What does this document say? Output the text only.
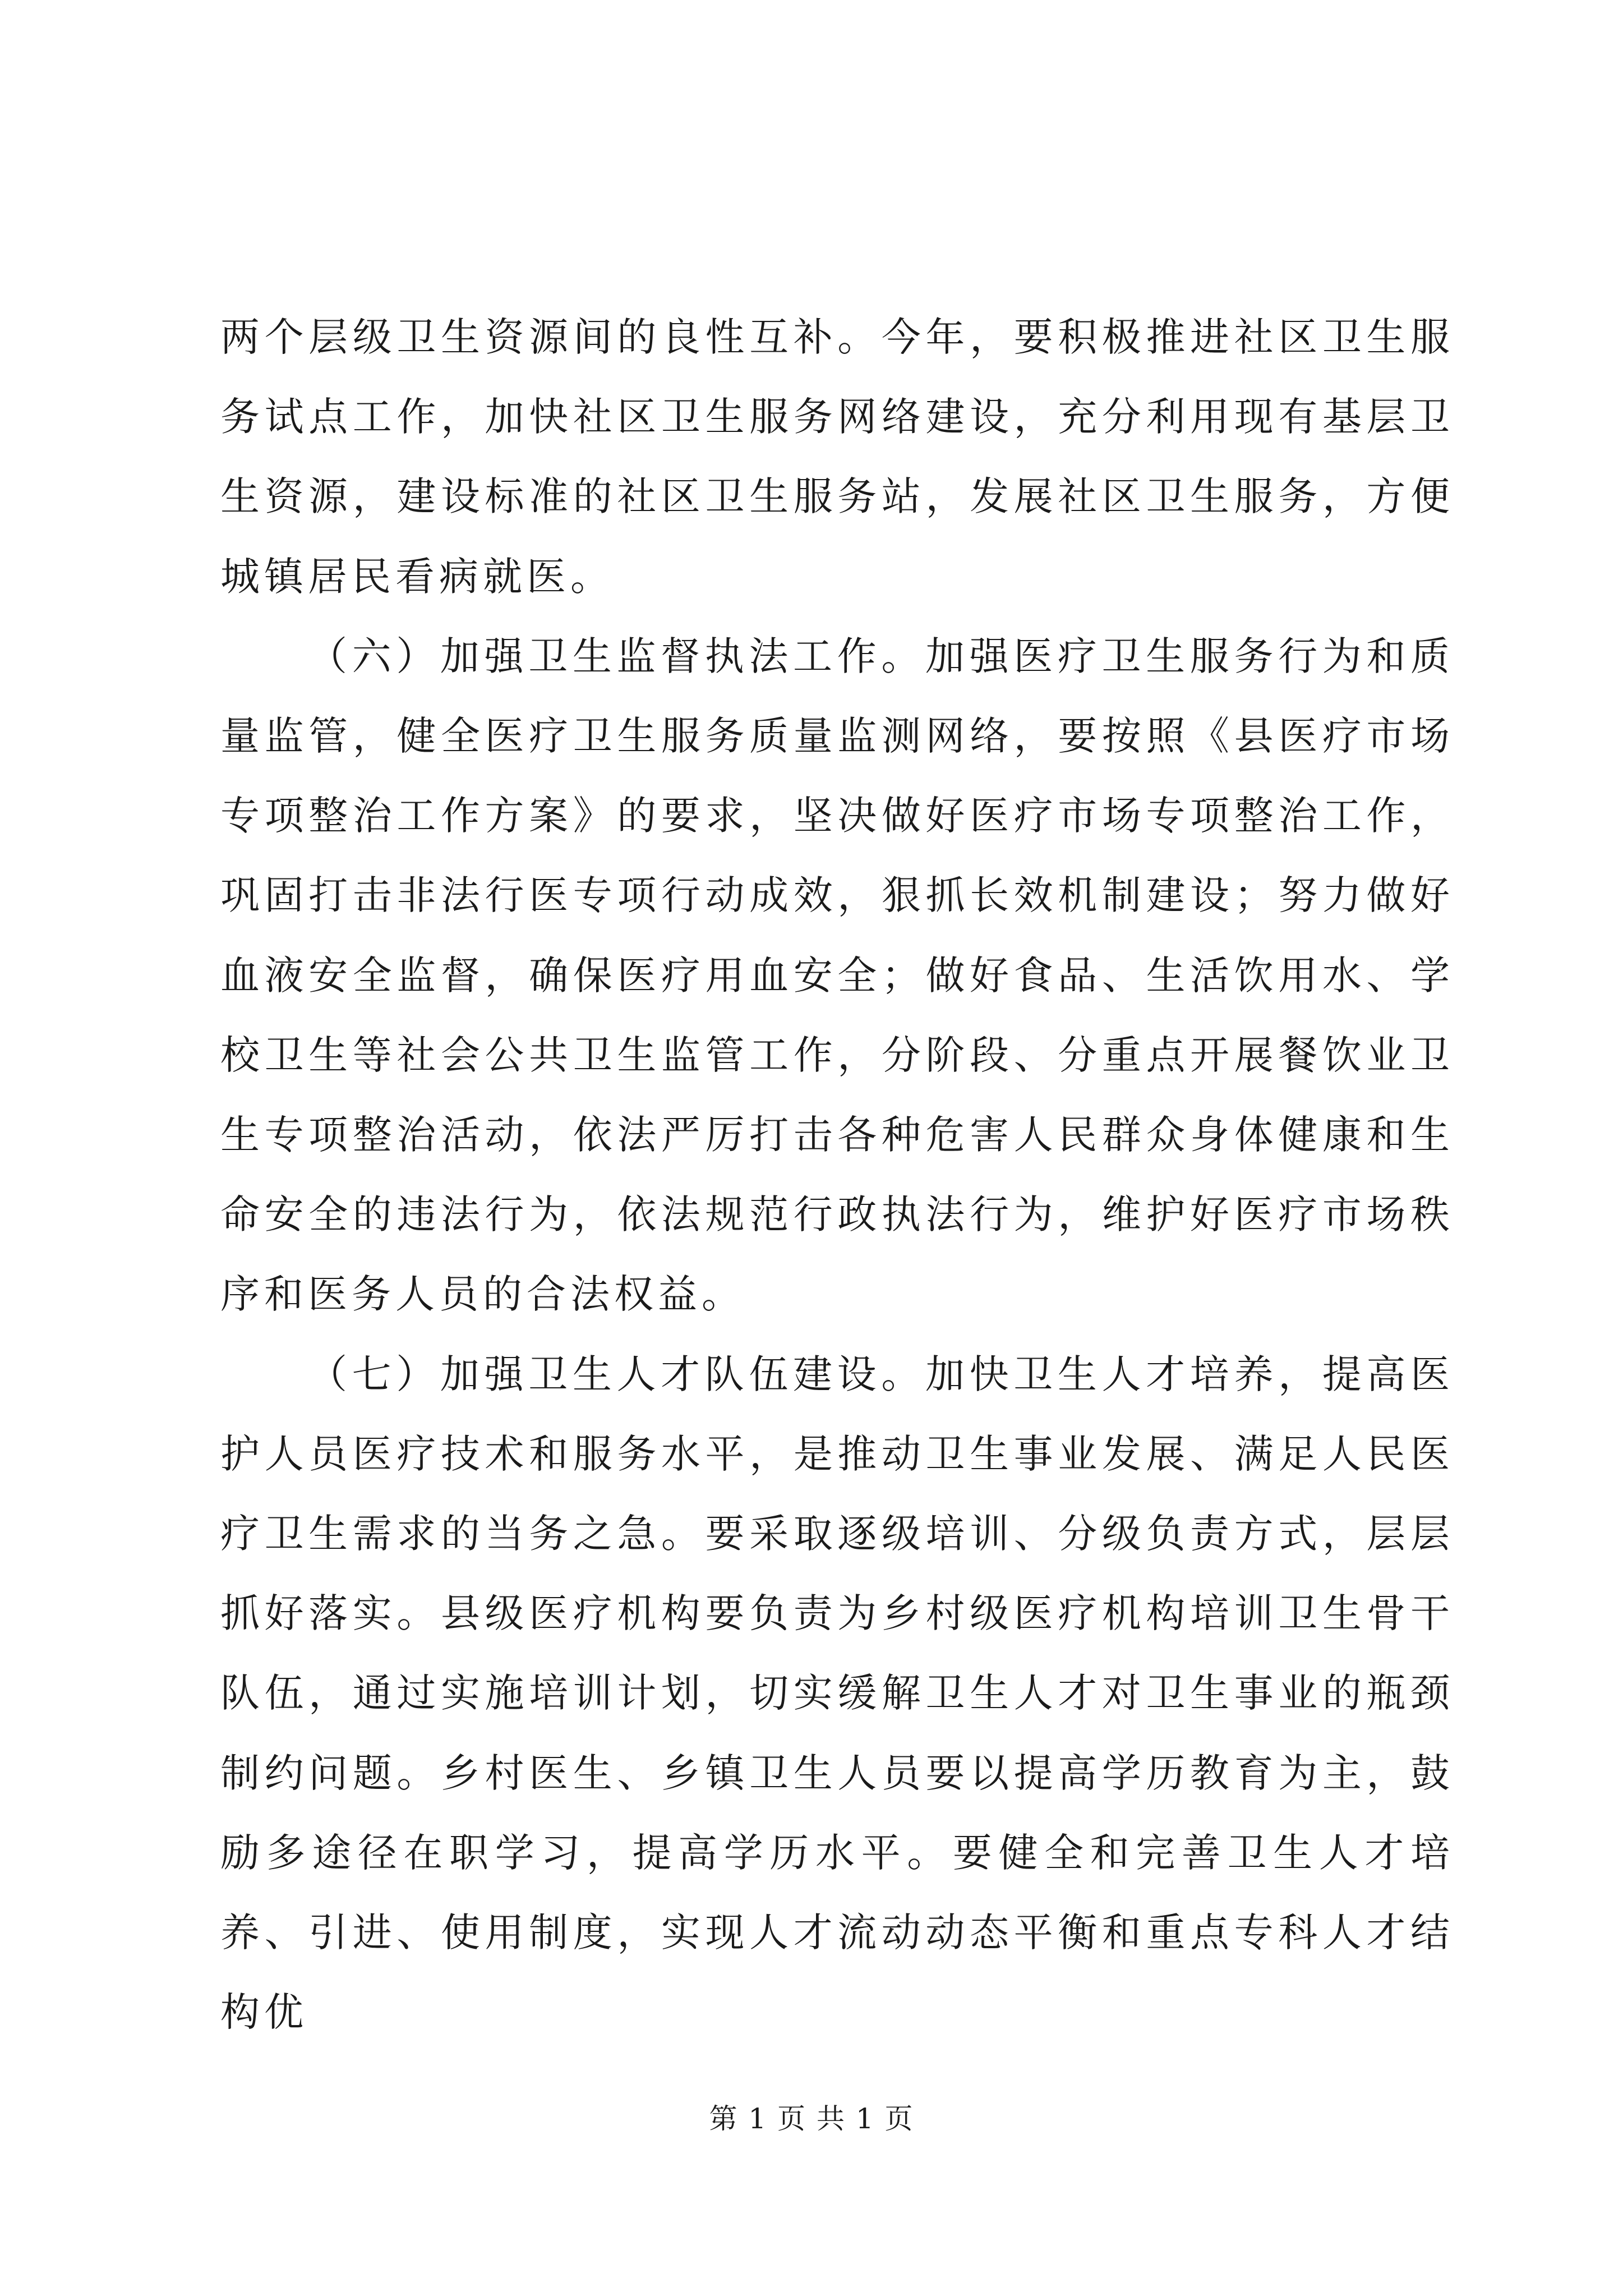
两个层级卫生资源间的良性互补。今年，要积极推进社区卫生服务试点工作，加快社区卫生服务网络建设，充分利用现有基层卫生资源，建设标准的社区卫生服务站，发展社区卫生服务，方便城镇居民看病就医。

（六）加强卫生监督执法工作。加强医疗卫生服务行为和质量监管，健全医疗卫生服务质量监测网络，要按照《县医疗市场专项整治工作方案》的要求，坚决做好医疗市场专项整治工作，巩固打击非法行医专项行动成效，狠抓长效机制建设；努力做好血液安全监督，确保医疗用血安全；做好食品、生活饮用水、学校卫生等社会公共卫生监管工作，分阶段、分重点开展餐饮业卫生专项整治活动，依法严厉打击各种危害人民群众身体健康和生命安全的违法行为，依法规范行政执法行为，维护好医疗市场秩序和医务人员的合法权益。

（七）加强卫生人才队伍建设。加快卫生人才培养，提高医护人员医疗技术和服务水平，是推动卫生事业发展、满足人民医疗卫生需求的当务之急。要采取逐级培训、分级负责方式，层层抓好落实。县级医疗机构要负责为乡村级医疗机构培训卫生骨干队伍，通过实施培训计划，切实缓解卫生人才对卫生事业的瓶颈制约问题。乡村医生、乡镇卫生人员要以提高学历教育为主，鼓励多途径在职学习，提高学历水平。要健全和完善卫生人才培养、引进、使用制度，实现人才流动动态平衡和重点专科人才结构优

第 1 页 共 1 页
